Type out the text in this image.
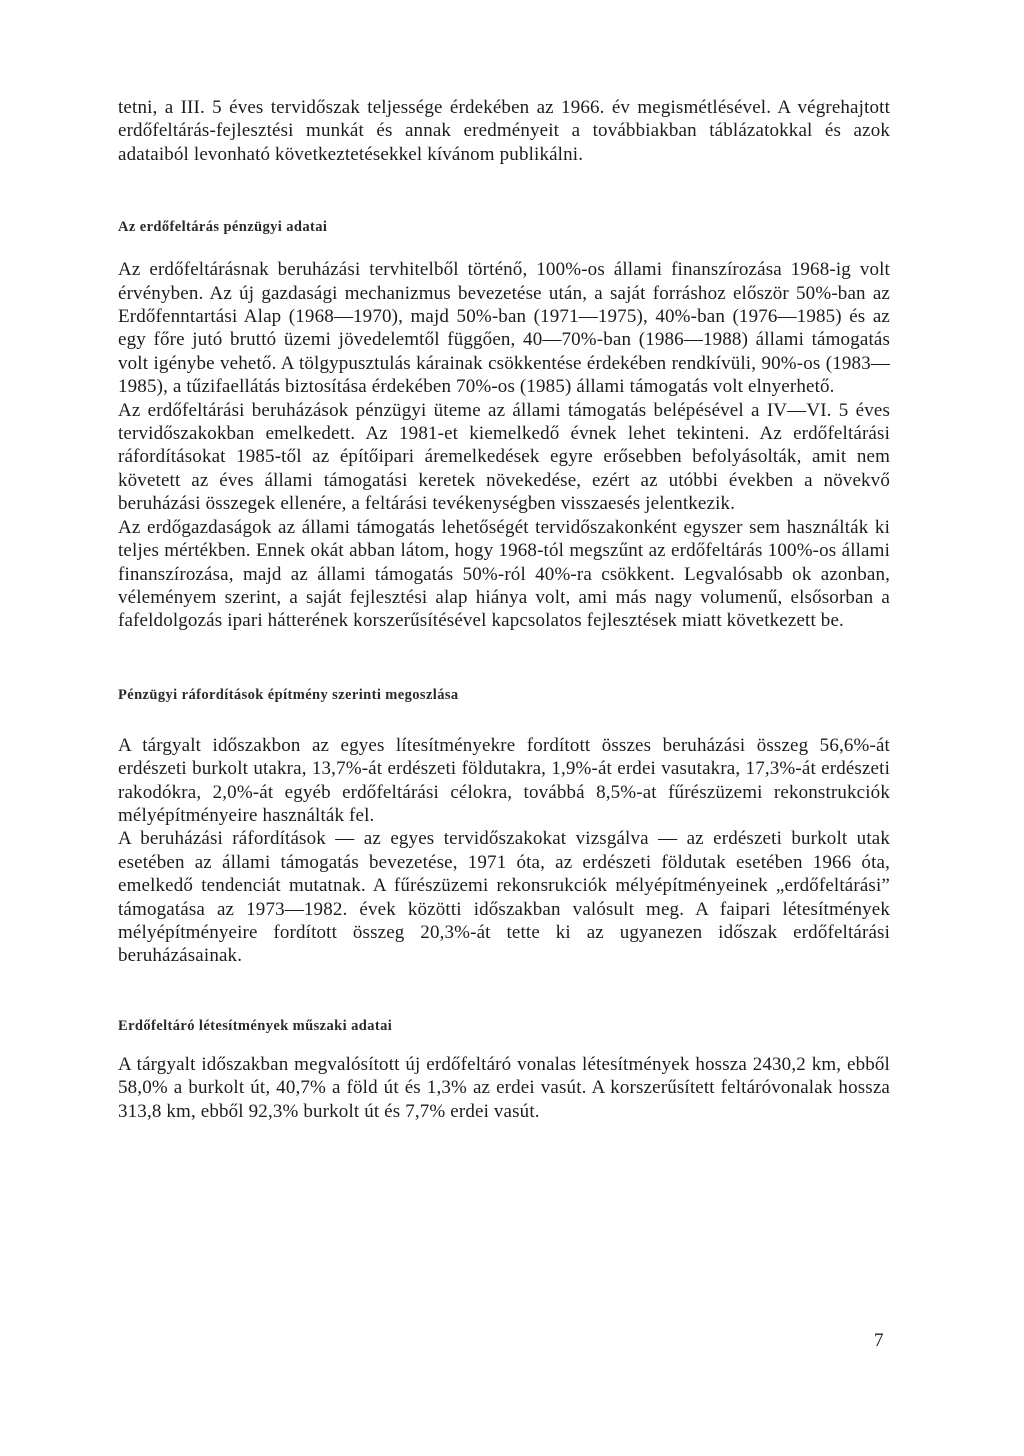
tetni, a III. 5 éves tervidőszak teljessége érdekében az 1966. év megismétlésével. A végrehajtott erdőfeltárás-fejlesztési munkát és annak eredményeit a továbbiakban táblázatokkal és azok adataiból levonható következtetésekkel kívánom publikálni.

Az erdőfeltárás pénzügyi adatai

Az erdőfeltárásnak beruházási tervhitelből történő, 100%-os állami finanszírozása 1968-ig volt érvényben. Az új gazdasági mechanizmus bevezetése után, a saját forráshoz először 50%-ban az Erdőfenntartási Alap (1968—1970), majd 50%-ban (1971—1975), 40%-ban (1976—1985) és az egy főre jutó bruttó üzemi jövedelemtől függően, 40—70%-ban (1986—1988) állami támogatás volt igénybe vehető. A tölgypusztulás kárainak csökkentése érdekében rendkívüli, 90%-os (1983—1985), a tűzifaellátás biztosítása érdekében 70%-os (1985) állami támogatás volt elnyerhető.

Az erdőfeltárási beruházások pénzügyi üteme az állami támogatás belépésével a IV—VI. 5 éves tervidőszakokban emelkedett. Az 1981-et kiemelkedő évnek lehet tekinteni. Az erdőfeltárási ráfordításokat 1985-től az építőipari áremelkedések egyre erősebben befolyásolták, amit nem követett az éves állami támogatási keretek növekedése, ezért az utóbbi években a növekvő beruházási összegek ellenére, a feltárási tevékenységben visszaesés jelentkezik.

Az erdőgazdaságok az állami támogatás lehetőségét tervidőszakonként egyszer sem használták ki teljes mértékben. Ennek okát abban látom, hogy 1968-tól megszűnt az erdőfeltárás 100%-os állami finanszírozása, majd az állami támogatás 50%-ról 40%-ra csökkent. Legvalósabb ok azonban, véleményem szerint, a saját fejlesztési alap hiánya volt, ami más nagy volumenű, elsősorban a fafeldolgozás ipari hátterének korszerűsítésével kapcsolatos fejlesztések miatt következett be.

Pénzügyi ráfordítások építmény szerinti megoszlása

A tárgyalt időszakbon az egyes lítesítményekre fordított összes beruházási összeg 56,6%-át erdészeti burkolt utakra, 13,7%-át erdészeti földutakra, 1,9%-át erdei vasutakra, 17,3%-át erdészeti rakodókra, 2,0%-át egyéb erdőfeltárási célokra, továbbá 8,5%-at fűrészüzemi rekonstrukciók mélyépítményeire használták fel.

A beruházási ráfordítások — az egyes tervidőszakokat vizsgálva — az erdészeti burkolt utak esetében az állami támogatás bevezetése, 1971 óta, az erdészeti földutak esetében 1966 óta, emelkedő tendenciát mutatnak. A fűrészüzemi rekonsrukciók mélyépítményeinek „erdőfeltárási” támogatása az 1973—1982. évek közötti időszakban valósult meg. A faipari létesítmények mélyépítményeire fordított összeg 20,3%-át tette ki az ugyanezen időszak erdőfeltárási beruházásainak.

Erdőfeltáró létesítmények műszaki adatai

A tárgyalt időszakban megvalósított új erdőfeltáró vonalas létesítmények hossza 2430,2 km, ebből 58,0% a burkolt út, 40,7% a föld út és 1,3% az erdei vasút. A korszerűsített feltáróvonalak hossza 313,8 km, ebből 92,3% burkolt út és 7,7% erdei vasút.

7
